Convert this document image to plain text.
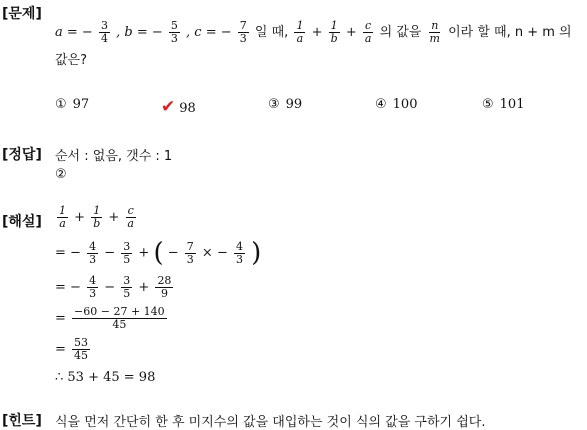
[문제]
a = − $\frac{3}{4}$ , b = − $\frac{5}{3}$ , c = − $\frac{7}{3}$ 일 때, $\frac{1}{a} + \frac{1}{b} + \frac{c}{a}$ 의 값을 $\frac{n}{m}$ 이라 할 때, n + m 의
값은?
① 97	✔ 98	③ 99	④ 100	⑤ 101
[정답] 순서 : 없음, 갯수 : 1
②
[해설] $\frac{1}{a} + \frac{1}{b} + \frac{c}{a}$
= − $\frac{4}{3} - \frac{3}{5}$ + ( − $\frac{7}{3}$ × − $\frac{4}{3}$ )
= − $\frac{4}{3} - \frac{3}{5} + \frac{28}{9}$
= $\frac{-60 - 27 + 140}{45}$
= $\frac{53}{45}$
∴ 53 + 45 = 98
[힌트] 식을 먼저 간단히 한 후 미지수의 값을 대입하는 것이 식의 값을 구하기 쉽다.
